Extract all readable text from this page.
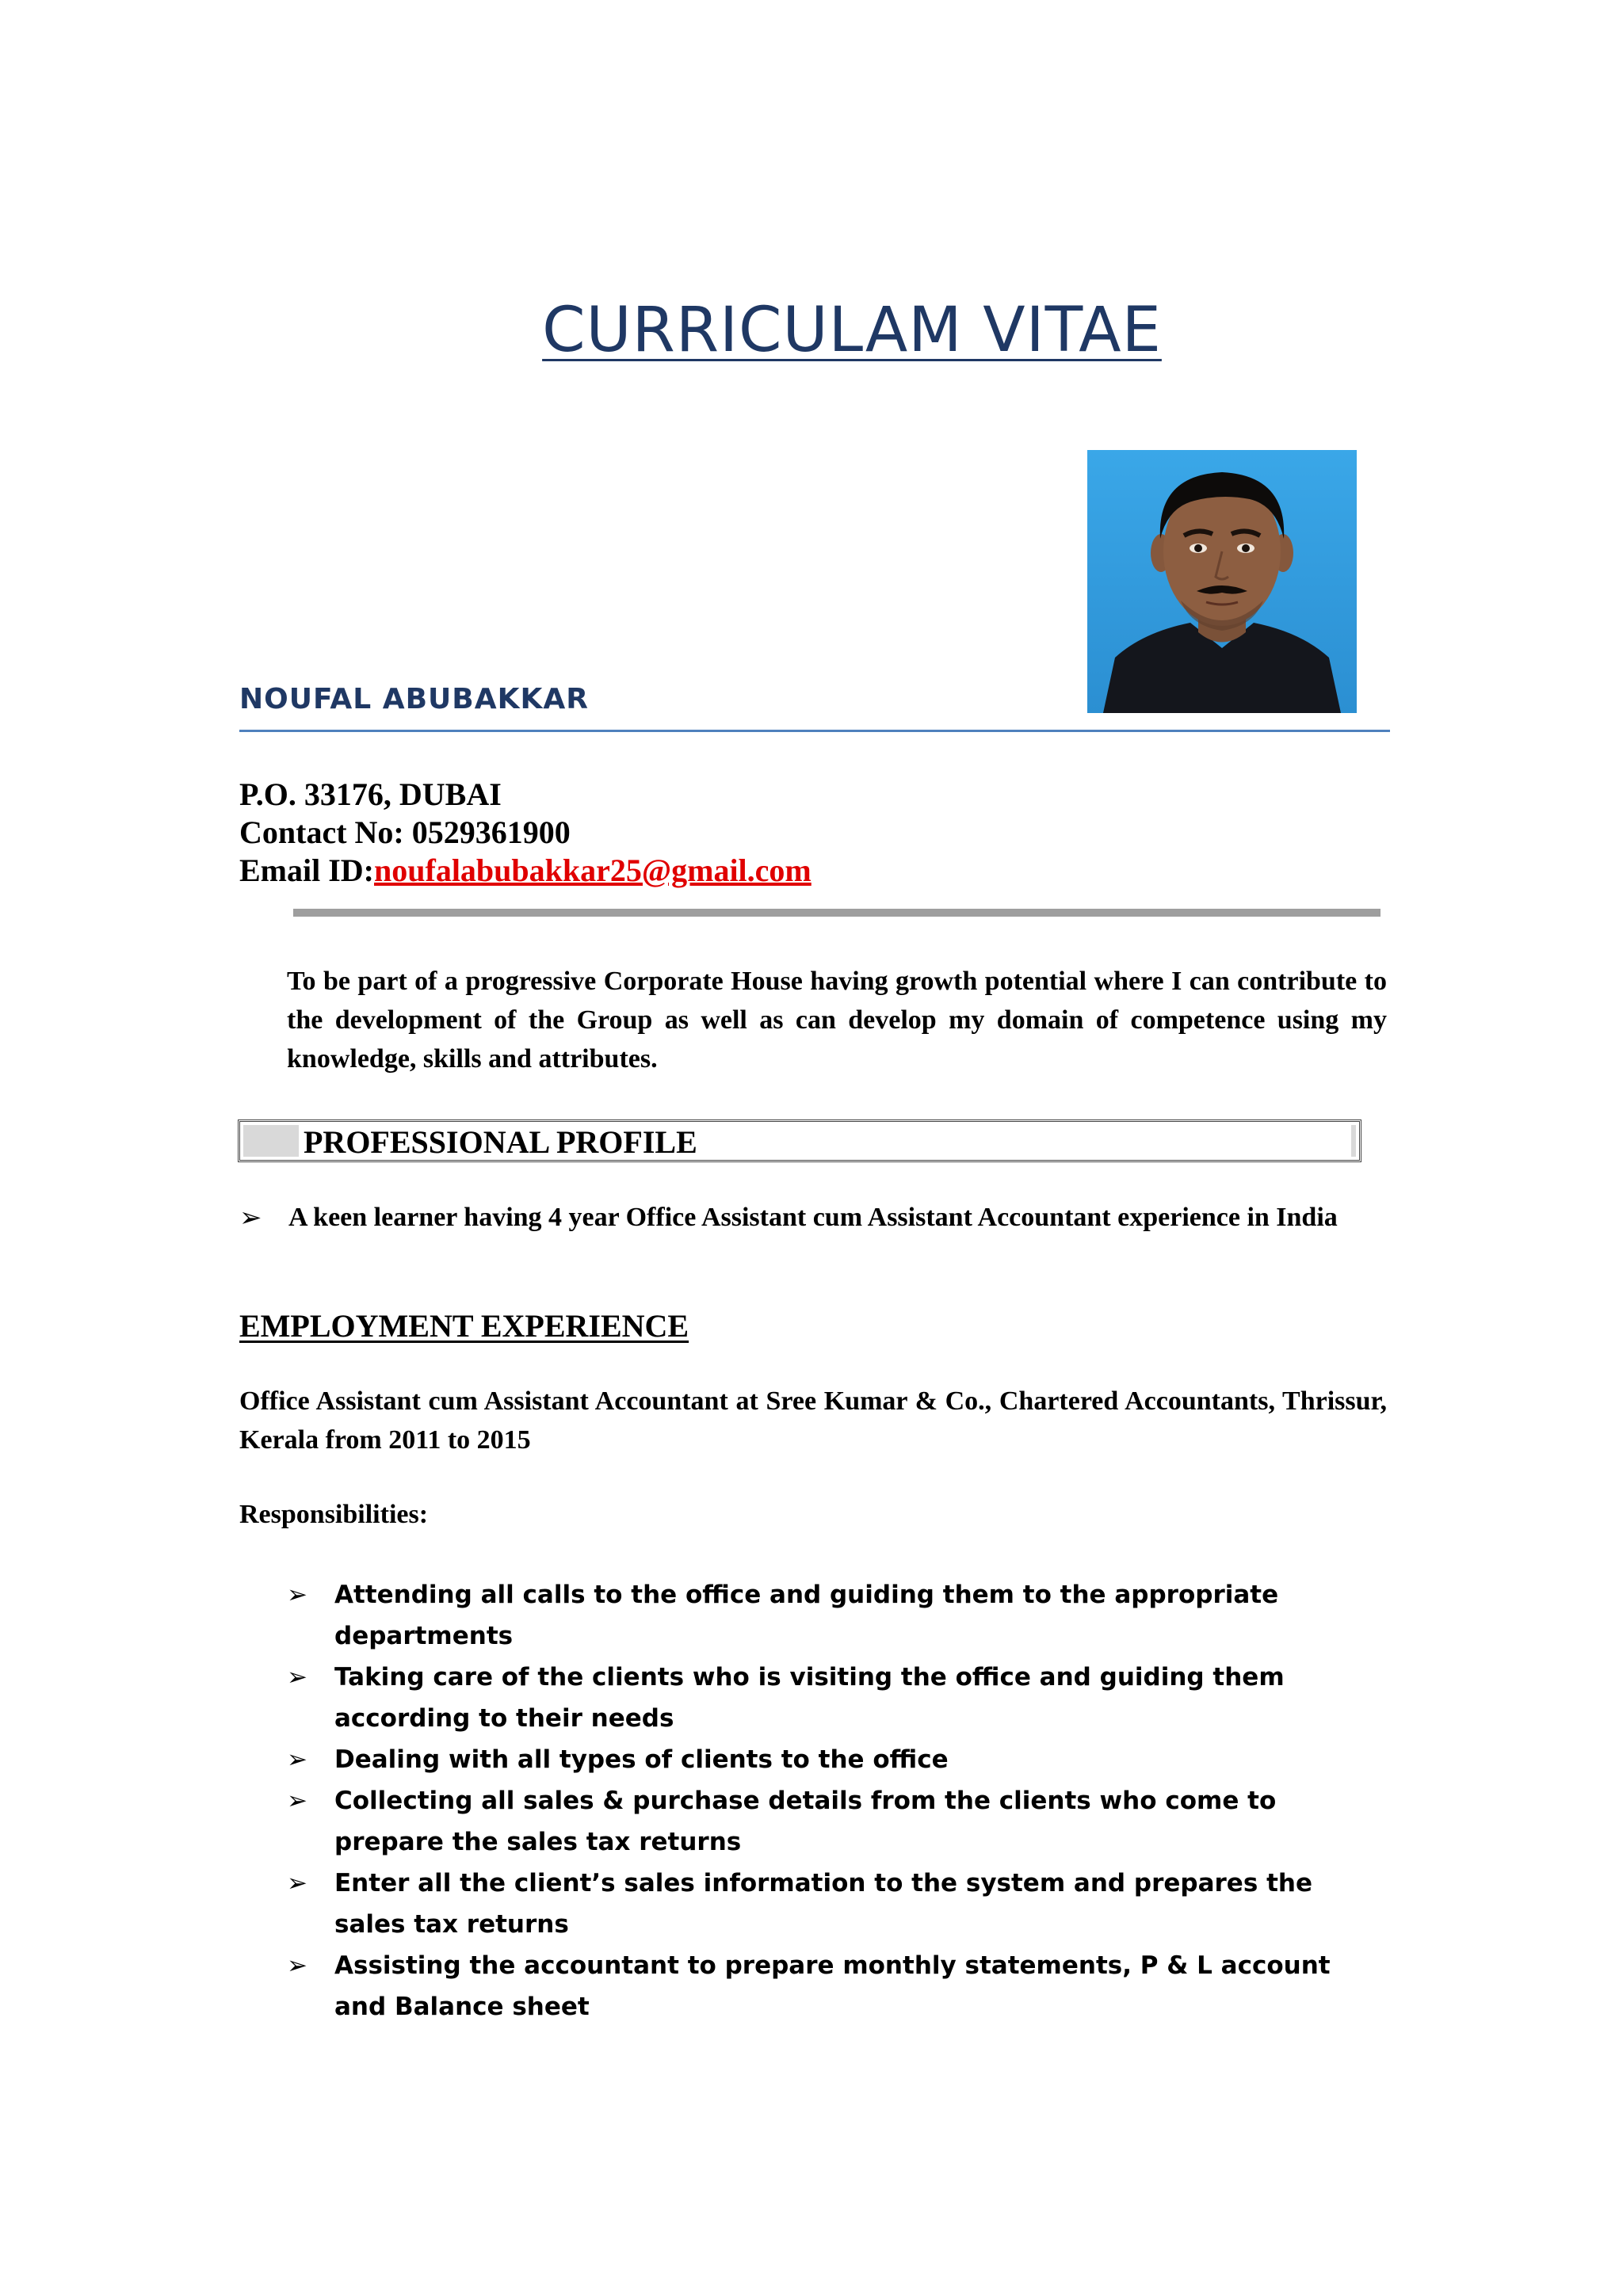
CURRICULAM VITAE
NOUFAL ABUBAKKAR
P.O. 33176, DUBAI
Contact No: 0529361900
Email ID:noufalabubakkar25@gmail.com
To be part of a progressive Corporate House having growth potential where I can contribute to the development of the Group as well as can develop my domain of competence using my knowledge, skills and attributes.
PROFESSIONAL PROFILE
➢ A keen learner having 4 year Office Assistant cum Assistant Accountant experience in India
EMPLOYMENT EXPERIENCE
Office Assistant cum Assistant Accountant at Sree Kumar & Co., Chartered Accountants, Thrissur, Kerala from 2011 to 2015
Responsibilities:
➢	Attending all calls to the office and guiding them to the appropriate departments
➢	Taking care of the clients who is visiting the office and guiding them according to their needs
➢	Dealing with all types of clients to the office
➢	Collecting all sales & purchase details from the clients who come to prepare the sales tax returns
➢	Enter all the client’s sales information to the system and prepares the sales tax returns
➢	Assisting the accountant to prepare monthly statements, P & L account and Balance sheet
